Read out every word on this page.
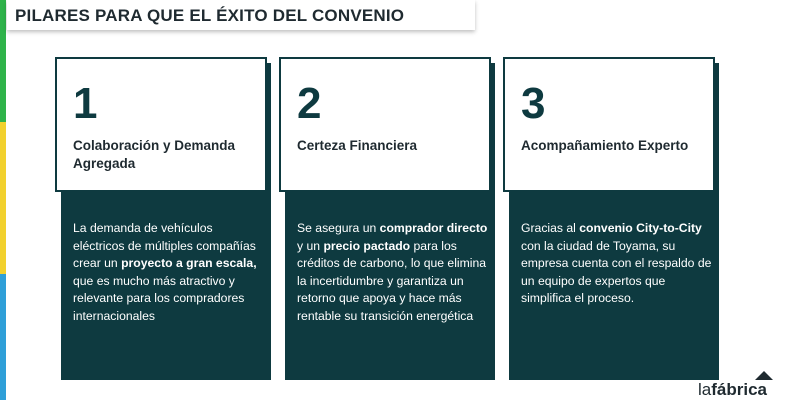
PILARES PARA QUE EL ÉXITO DEL CONVENIO
1
Colaboración y Demanda Agregada
La demanda de vehículos eléctricos de múltiples compañías crear un proyecto a gran escala, que es mucho más atractivo y relevante para los compradores internacionales
2
Certeza Financiera
Se asegura un comprador directo y un precio pactado para los créditos de carbono, lo que elimina la incertidumbre y garantiza un retorno que apoya y hace más rentable su transición energética
3
Acompañamiento Experto
Gracias al convenio City-to-City con la ciudad de Toyama, su empresa cuenta con el respaldo de un equipo de expertos que simplifica el proceso.
lafábrica
